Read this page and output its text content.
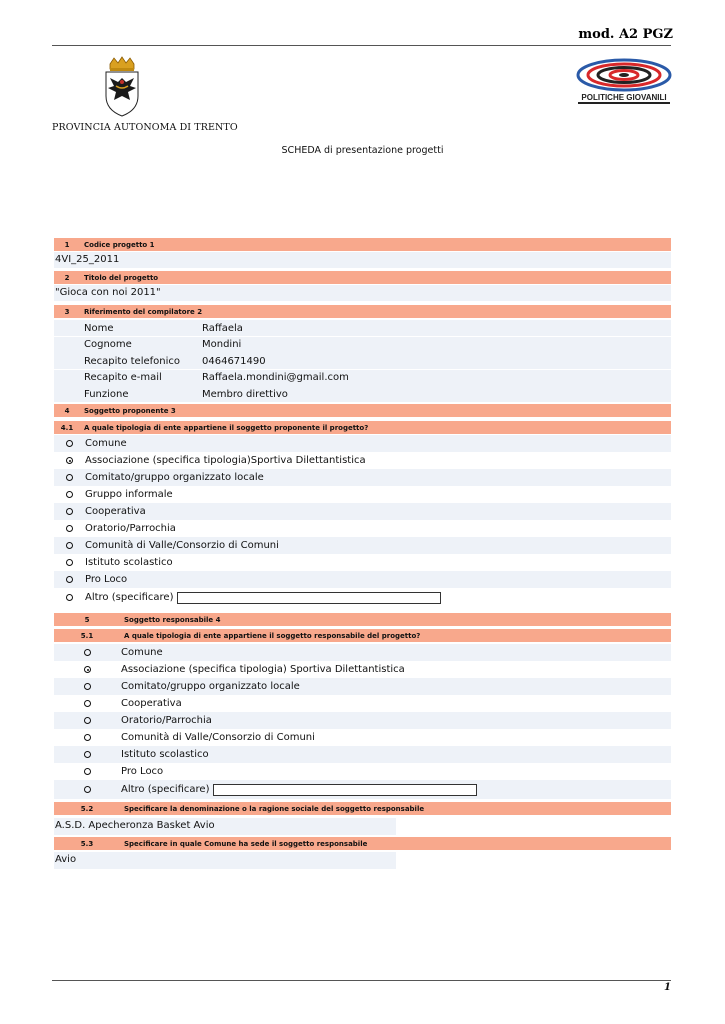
mod. A2 PGZ
PROVINCIA AUTONOMA DI TRENTO
POLITICHE GIOVANILI
SCHEDA di presentazione progetti
1	Codice progetto 1
4VI_25_2011
2	Titolo del progetto
"Gioca con noi 2011"
3	Riferimento del compilatore 2
Nome	Raffaela
Cognome	Mondini
Recapito telefonico	0464671490
Recapito e-mail	Raffaela.mondini@gmail.com
Funzione	Membro direttivo
4	Soggetto proponente 3
4.1	A quale tipologia di ente appartiene il soggetto proponente il progetto?
Comune
Associazione (specifica tipologia)Sportiva Dilettantistica
Comitato/gruppo organizzato locale
Gruppo informale
Cooperativa
Oratorio/Parrochia
Comunità di Valle/Consorzio di Comuni
Istituto scolastico
Pro Loco
Altro (specificare)
5	Soggetto responsabile 4
5.1	A quale tipologia di ente appartiene il soggetto responsabile del progetto?
Comune
Associazione (specifica tipologia) Sportiva Dilettantistica
Comitato/gruppo organizzato locale
Cooperativa
Oratorio/Parrochia
Comunità di Valle/Consorzio di Comuni
Istituto scolastico
Pro Loco
Altro (specificare)
5.2	Specificare la denominazione o la ragione sociale del soggetto responsabile
A.S.D. Apecheronza Basket Avio
5.3	Specificare in quale Comune ha sede il soggetto responsabile
Avio
1
